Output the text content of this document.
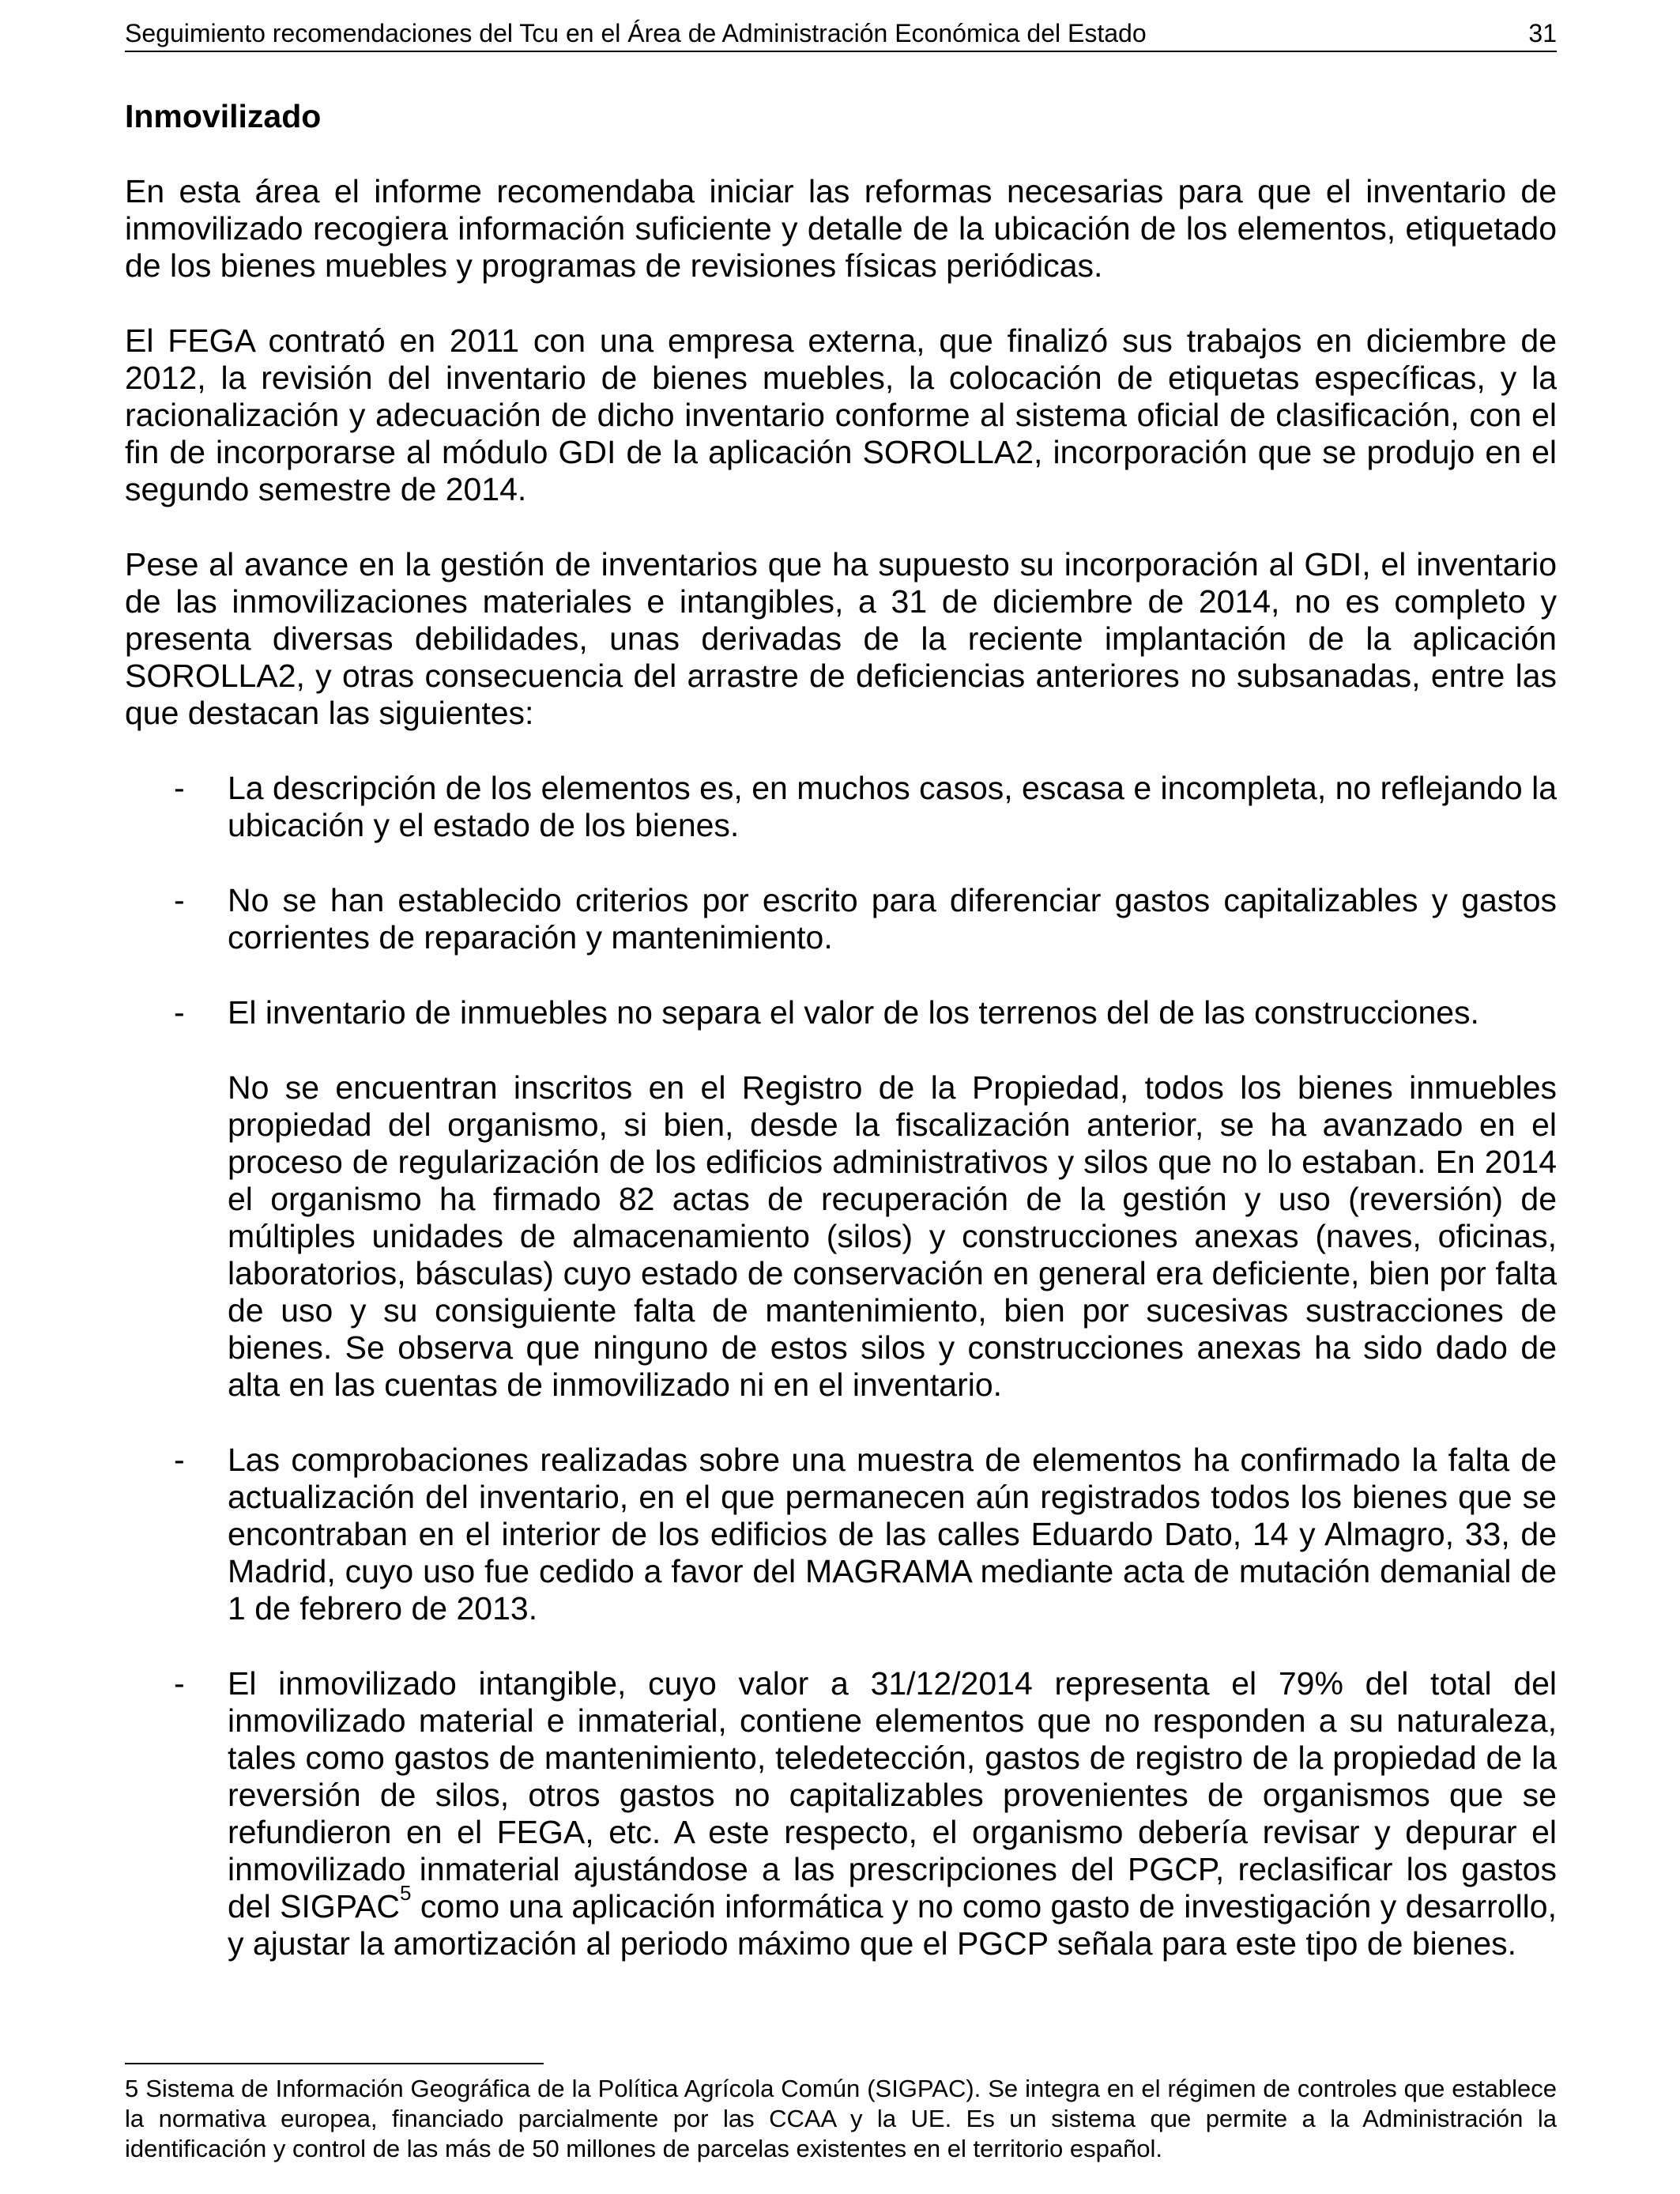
Seguimiento recomendaciones del Tcu en el Área de Administración Económica del Estado	31
Inmovilizado

En esta área el informe recomendaba iniciar las reformas necesarias para que el inventario de inmovilizado recogiera información suficiente y detalle de la ubicación de los elementos, etiquetado de los bienes muebles y programas de revisiones físicas periódicas.

El FEGA contrató en 2011 con una empresa externa, que finalizó sus trabajos en diciembre de 2012, la revisión del inventario de bienes muebles, la colocación de etiquetas específicas, y la racionalización y adecuación de dicho inventario conforme al sistema oficial de clasificación, con el fin de incorporarse al módulo GDI de la aplicación SOROLLA2, incorporación que se produjo en el segundo semestre de 2014.

Pese al avance en la gestión de inventarios que ha supuesto su incorporación al GDI, el inventario de las inmovilizaciones materiales e intangibles, a 31 de diciembre de 2014, no es completo y presenta diversas debilidades, unas derivadas de la reciente implantación de la aplicación SOROLLA2, y otras consecuencia del arrastre de deficiencias anteriores no subsanadas, entre las que destacan las siguientes:

- La descripción de los elementos es, en muchos casos, escasa e incompleta, no reflejando la ubicación y el estado de los bienes.

- No se han establecido criterios por escrito para diferenciar gastos capitalizables y gastos corrientes de reparación y mantenimiento.

- El inventario de inmuebles no separa el valor de los terrenos del de las construcciones.

No se encuentran inscritos en el Registro de la Propiedad, todos los bienes inmuebles propiedad del organismo, si bien, desde la fiscalización anterior, se ha avanzado en el proceso de regularización de los edificios administrativos y silos que no lo estaban. En 2014 el organismo ha firmado 82 actas de recuperación de la gestión y uso (reversión) de múltiples unidades de almacenamiento (silos) y construcciones anexas (naves, oficinas, laboratorios, básculas) cuyo estado de conservación en general era deficiente, bien por falta de uso y su consiguiente falta de mantenimiento, bien por sucesivas sustracciones de bienes. Se observa que ninguno de estos silos y construcciones anexas ha sido dado de alta en las cuentas de inmovilizado ni en el inventario.

- Las comprobaciones realizadas sobre una muestra de elementos ha confirmado la falta de actualización del inventario, en el que permanecen aún registrados todos los bienes que se encontraban en el interior de los edificios de las calles Eduardo Dato, 14 y Almagro, 33, de Madrid, cuyo uso fue cedido a favor del MAGRAMA mediante acta de mutación demanial de 1 de febrero de 2013.

- El inmovilizado intangible, cuyo valor a 31/12/2014 representa el 79% del total del inmovilizado material e inmaterial, contiene elementos que no responden a su naturaleza, tales como gastos de mantenimiento, teledetección, gastos de registro de la propiedad de la reversión de silos, otros gastos no capitalizables provenientes de organismos que se refundieron en el FEGA, etc. A este respecto, el organismo debería revisar y depurar el inmovilizado inmaterial ajustándose a las prescripciones del PGCP, reclasificar los gastos del SIGPAC$^5$ como una aplicación informática y no como gasto de investigación y desarrollo, y ajustar la amortización al periodo máximo que el PGCP señala para este tipo de bienes.

5 Sistema de Información Geográfica de la Política Agrícola Común (SIGPAC). Se integra en el régimen de controles que establece la normativa europea, financiado parcialmente por las CCAA y la UE. Es un sistema que permite a la Administración la identificación y control de las más de 50 millones de parcelas existentes en el territorio español.
